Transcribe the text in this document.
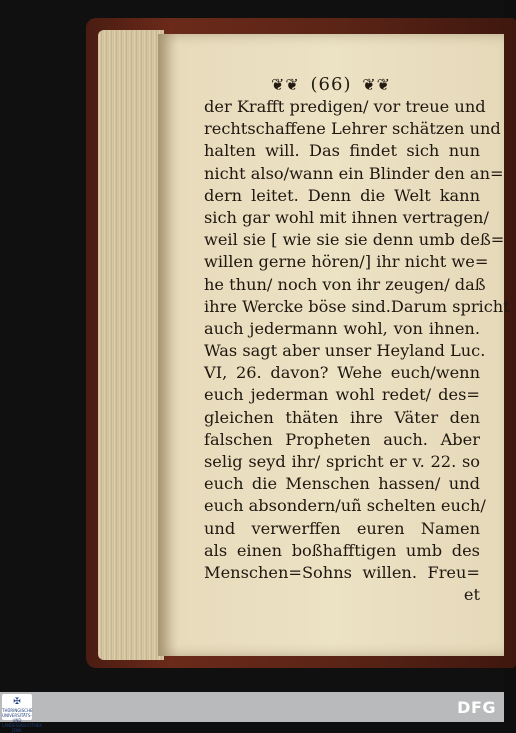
❦❦ (66) ❦❦
der Krafft predigen/ vor treue und
rechtschaffene Lehrer schätzen und
halten will. Das findet sich nun
nicht also/wann ein Blinder den an=
dern leitet. Denn die Welt kann
sich gar wohl mit ihnen vertragen/
weil sie [ wie sie sie denn umb deß=
willen gerne hören/] ihr nicht we=
he thun/ noch von ihr zeugen/ daß
ihre Wercke böse sind.Darum spricht
auch jedermann wohl, von ihnen.
Was sagt aber unser Heyland Luc.
VI, 26. davon? Wehe euch/wenn
euch jederman wohl redet/ des=
gleichen thäten ihre Väter den
falschen Propheten auch. Aber
selig seyd ihr/ spricht er v. 22. so
euch die Menschen hassen/ und
euch absondern/uñ schelten euch/
und verwerffen euren Namen
als einen boßhafftigen umb des
Menschen=Sohns willen. Freu=
et
✠
THÜRINGISCHE UNIVERSITÄTS- UND LANDESBIBLIOTHEK JENA
DFG
